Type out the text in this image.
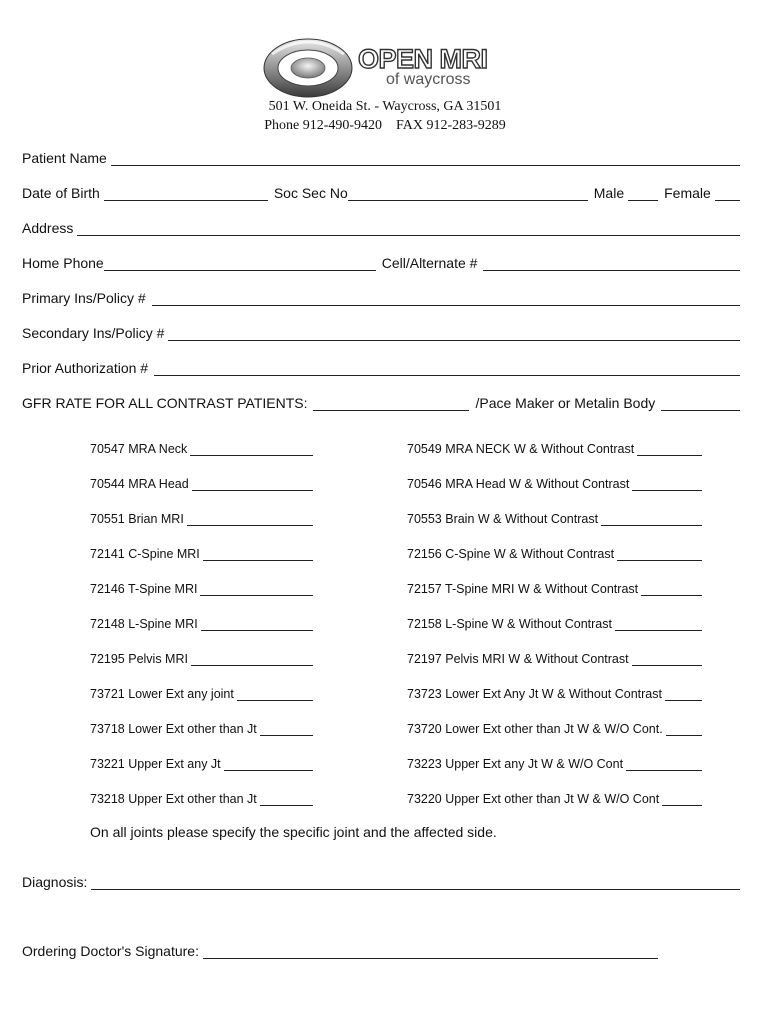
OPEN MRI
of waycross
501 W. Oneida St. - Waycross, GA 31501
Phone 912-490-9420    FAX 912-283-9289
Patient Name
Date of Birth	Soc Sec No	Male	Female
Address
Home Phone	Cell/Alternate #
Primary Ins/Policy #
Secondary Ins/Policy #
Prior Authorization #
GFR RATE FOR ALL CONTRAST PATIENTS:	/Pace Maker or Metalin Body
70547 MRA Neck	70549 MRA NECK W & Without Contrast
70544 MRA Head	70546 MRA Head W & Without Contrast
70551 Brian MRI	70553 Brain W & Without Contrast
72141 C-Spine MRI	72156 C-Spine W & Without Contrast
72146 T-Spine MRI	72157 T-Spine MRI W & Without Contrast
72148 L-Spine MRI	72158 L-Spine W & Without Contrast
72195 Pelvis MRI	72197 Pelvis MRI W & Without Contrast
73721 Lower Ext any joint	73723 Lower Ext Any Jt W & Without Contrast
73718 Lower Ext other than Jt	73720 Lower Ext other than Jt W & W/O Cont.
73221 Upper Ext any Jt	73223 Upper Ext any Jt W & W/O Cont
73218 Upper Ext other than Jt	73220 Upper Ext other than Jt W & W/O Cont
On all joints please specify the specific joint and the affected side.
Diagnosis:
Ordering Doctor's Signature:
